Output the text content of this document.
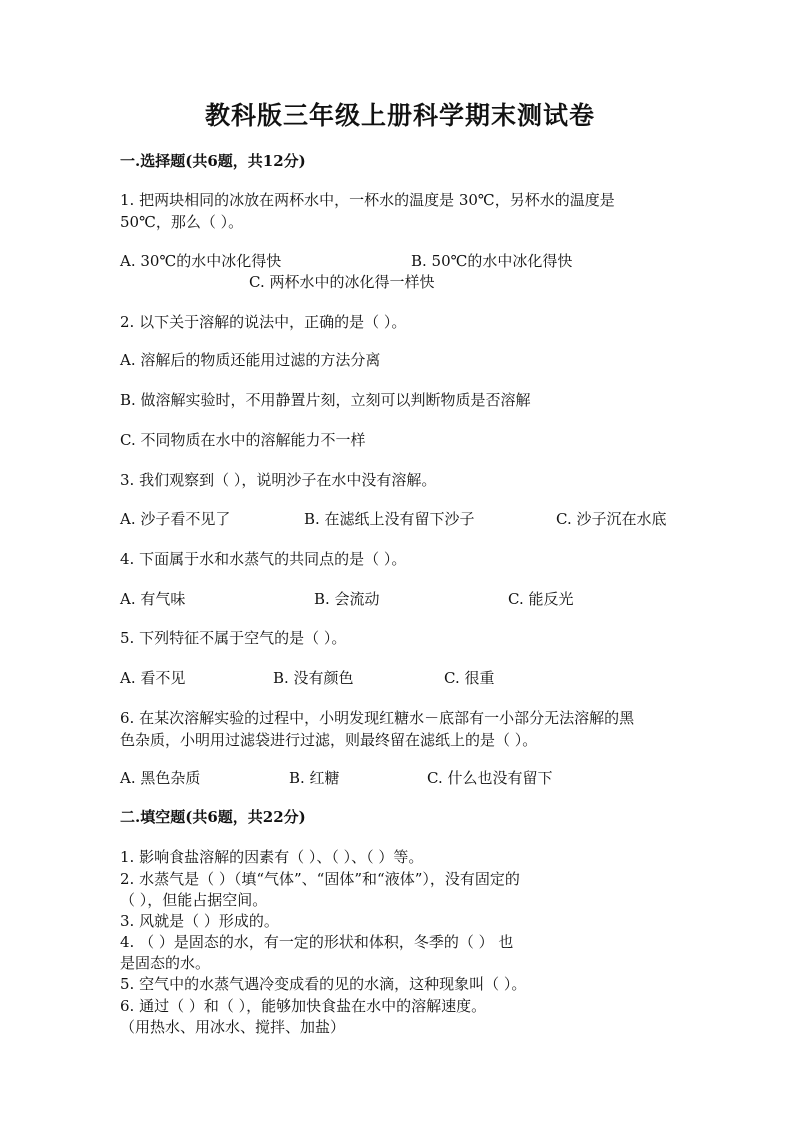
教科版三年级上册科学期末测试卷
一.选择题(共6题，共12分)
1. 把两块相同的冰放在两杯水中，一杯水的温度是 30℃，另杯水的温度是
50℃，那么（ ）。
A. 30℃的水中冰化得快	B. 50℃的水中冰化得快
C. 两杯水中的冰化得一样快
2. 以下关于溶解的说法中，正确的是（ ）。
A. 溶解后的物质还能用过滤的方法分离
B. 做溶解实验时，不用静置片刻，立刻可以判断物质是否溶解
C. 不同物质在水中的溶解能力不一样
3. 我们观察到（ ），说明沙子在水中没有溶解。
A. 沙子看不见了	B. 在滤纸上没有留下沙子	C. 沙子沉在水底
4. 下面属于水和水蒸气的共同点的是（ ）。
A. 有气味	B. 会流动	C. 能反光
5. 下列特征不属于空气的是（ ）。
A. 看不见	B. 没有颜色	C. 很重
6. 在某次溶解实验的过程中，小明发现红糖水－底部有一小部分无法溶解的黑
色杂质，小明用过滤袋进行过滤，则最终留在滤纸上的是（ ）。
A. 黑色杂质	B. 红糖	C. 什么也没有留下
二.填空题(共6题，共22分)
1. 影响食盐溶解的因素有（ ）、（ ）、（ ）等。
2. 水蒸气是（ ）（填“气体”、“固体”和“液体”），没有固定的
（ ），但能占据空间。
3. 风就是（ ）形成的。
4. （ ）是固态的水，有一定的形状和体积，冬季的（ ） 也
是固态的水。
5. 空气中的水蒸气遇冷变成看的见的水滴，这种现象叫（ ）。
6. 通过（ ）和（ ），能够加快食盐在水中的溶解速度。
（用热水、用冰水、搅拌、加盐）
